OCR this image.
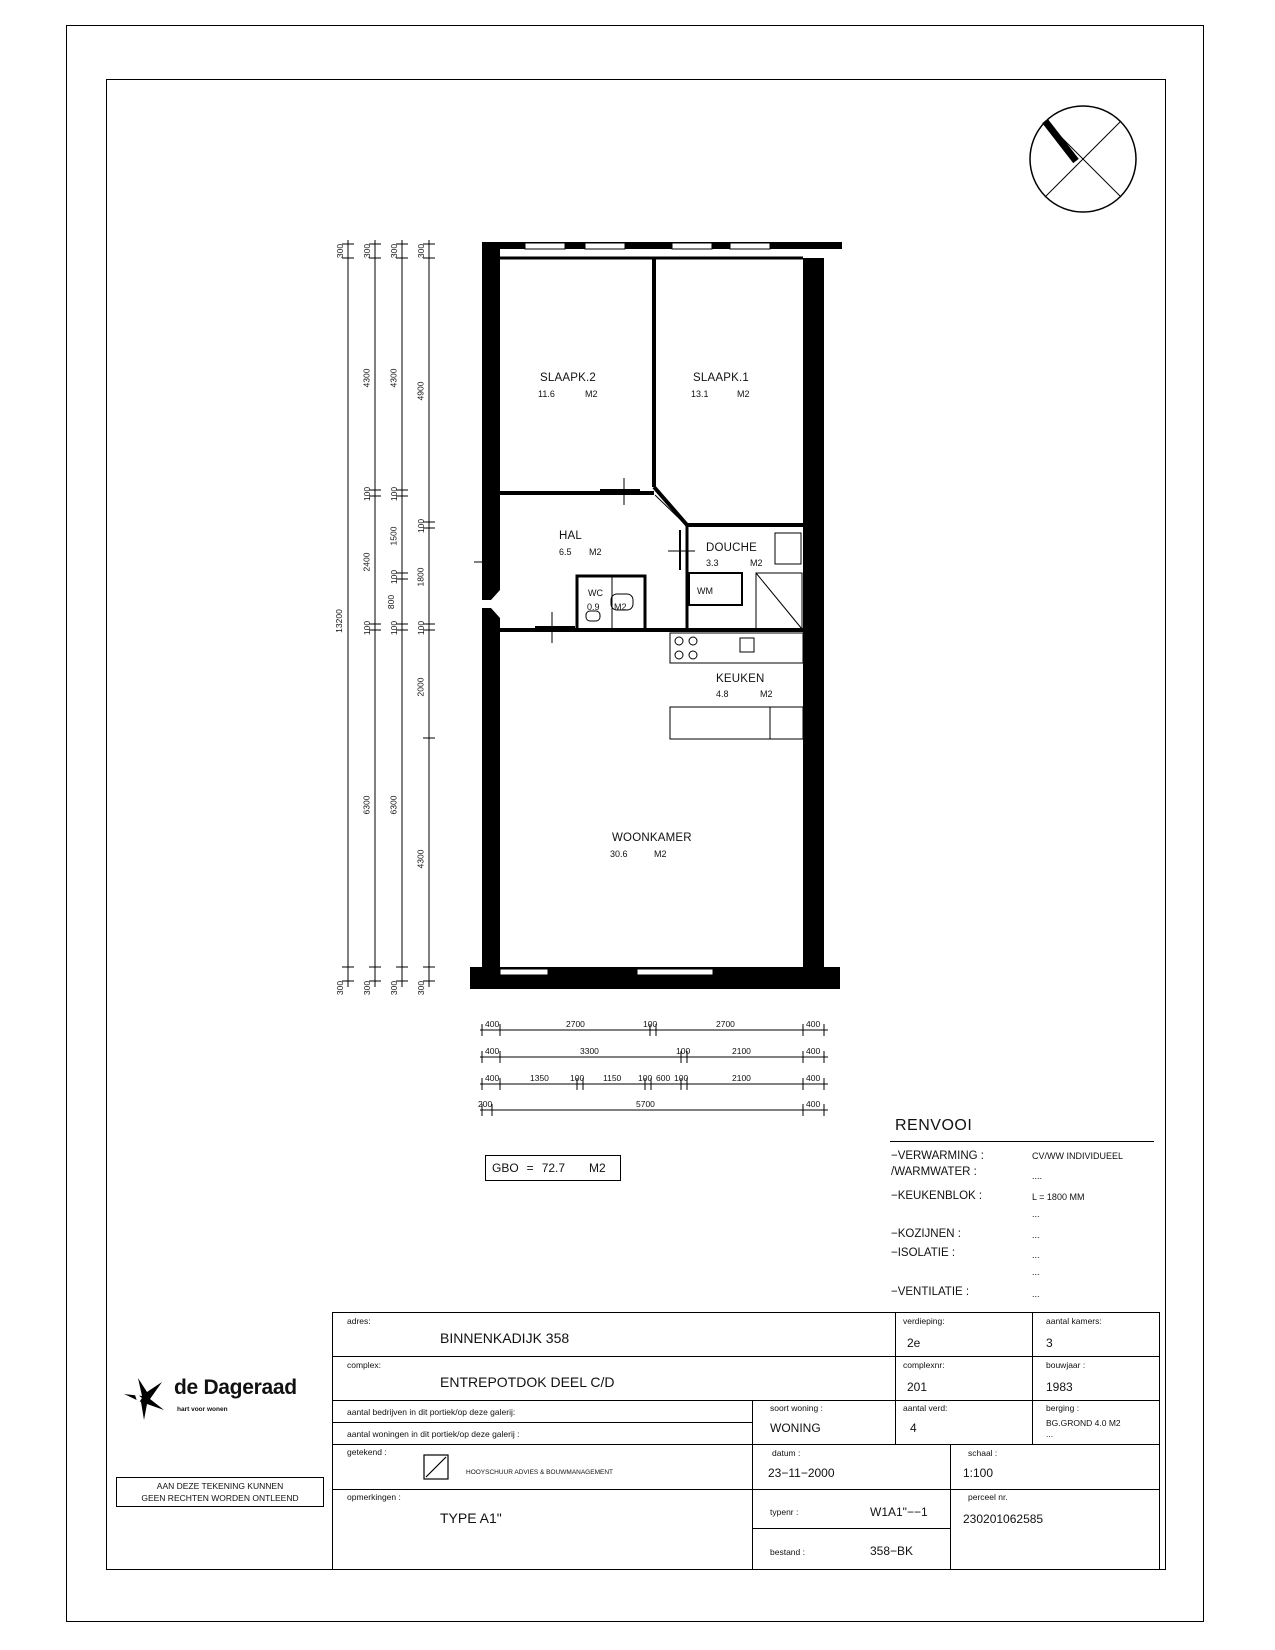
SLAAPK.2
11.6	M2
SLAAPK.1
13.1	M2
HAL
6.5 M2	DOUCHE
3.3	M2
WC
0.9 M2
WM
KEUKEN
4.8	M2
WOONKAMER
30.6	M2
13200
300 300 300 300
4300 4300
4900
100 100
100
2400
1500
100
800
1800
100 100 100
2000
6300 6300
4300
300 300 300 300
400	2700	100	2700	400
400	3300	100	2100	400
400	1350 100 1150 100 600 100	2100	400
200	5700	400
GBO = 72.7 M2
RENVOOI
−VERWARMING :	CV/WW INDIVIDUEEL
/WARMWATER :	....
−KEUKENBLOK :	L = 1800 MM
...
−KOZIJNEN :	...
−ISOLATIE :	...
...
−VENTILATIE :	...
adres:
BINNENKADIJK 358
verdieping:
2e
aantal kamers:
3
complex:
ENTREPOTDOK DEEL C/D
complexnr:
201
bouwjaar :
1983
aantal bedrijven in dit portiek/op deze galerij:
aantal woningen in dit portiek/op deze galerij :
soort woning :
WONING
aantal verd:
4
berging :
BG.GROND 4.0 M2
...
getekend :
HOOYSCHUUR ADVIES & BOUWMANAGEMENT
datum :
23−11−2000
schaal :
1:100
opmerkingen :
TYPE A1"	typenr :	W1A1"−−1
bestand :	358−BK
perceel nr.
230201062585
de Dageraad
hart voor wonen
AAN DEZE TEKENING KUNNEN
GEEN RECHTEN WORDEN ONTLEEND
